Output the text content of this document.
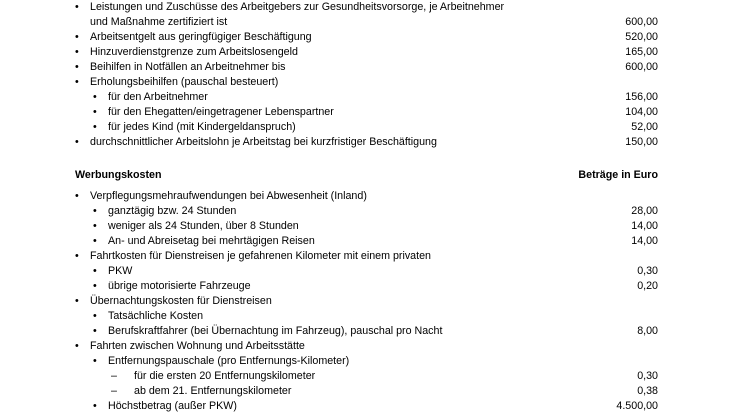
• Leistungen und Zuschüsse des Arbeitgebers zur Gesundheitsvorsorge, je Arbeitnehmer
und Maßnahme zertifiziert ist	600,00
• Arbeitsentgelt aus geringfügiger Beschäftigung	520,00
• Hinzuverdienstgrenze zum Arbeitslosengeld	165,00
• Beihilfen in Notfällen an Arbeitnehmer bis	600,00
• Erholungsbeihilfen (pauschal besteuert)
• für den Arbeitnehmer	156,00
• für den Ehegatten/eingetragener Lebenspartner	104,00
• für jedes Kind (mit Kindergeldanspruch)	52,00
• durchschnittlicher Arbeitslohn je Arbeitstag bei kurzfristiger Beschäftigung	150,00
Werbungskosten	Beträge in Euro
• Verpflegungsmehraufwendungen bei Abwesenheit (Inland)
• ganztägig bzw. 24 Stunden	28,00
• weniger als 24 Stunden, über 8 Stunden	14,00
• An- und Abreisetag bei mehrtägigen Reisen	14,00
• Fahrtkosten für Dienstreisen je gefahrenen Kilometer mit einem privaten
• PKW	0,30
• übrige motorisierte Fahrzeuge	0,20
• Übernachtungskosten für Dienstreisen
• Tatsächliche Kosten
• Berufskraftfahrer (bei Übernachtung im Fahrzeug), pauschal pro Nacht	8,00
• Fahrten zwischen Wohnung und Arbeitsstätte
• Entfernungspauschale (pro Entfernungs-Kilometer)
– für die ersten 20 Entfernungskilometer	0,30
– ab dem 21. Entfernungskilometer	0,38
• Höchstbetrag (außer PKW)	4.500,00
